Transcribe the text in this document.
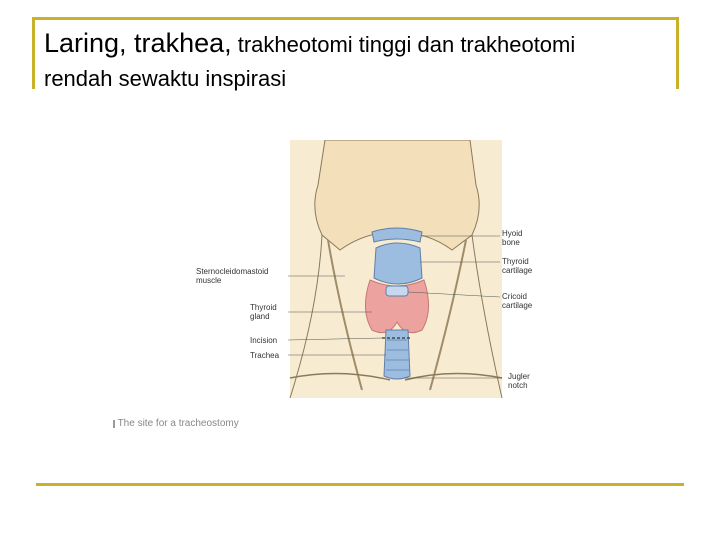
Laring, trakhea, trakheotomi tinggi dan trakheotomi
rendah sewaktu inspirasi
Hyoid
bone
Thyroid
cartilage
Cricoid
cartilage
Jugler
notch
Sternocleidomastoid
muscle
Thyroid
gland
Incision
Trachea
The site for a tracheostomy
